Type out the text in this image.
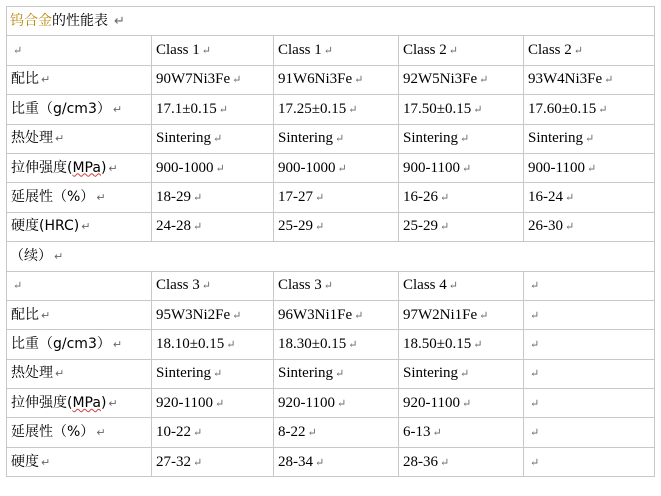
钨合金的性能表 ↵				
↵	Class 1 ↵	Class 1 ↵	Class 2 ↵	Class 2 ↵
配比 ↵	90W7Ni3Fe ↵	91W6Ni3Fe ↵	92W5Ni3Fe ↵	93W4Ni3Fe ↵
比重（g/cm3） ↵	17.1±0.15 ↵	17.25±0.15 ↵	17.50±0.15 ↵	17.60±0.15 ↵
热处理 ↵	Sintering ↵	Sintering ↵	Sintering ↵	Sintering ↵
拉伸强度(MPa) ↵	900-1000 ↵	900-1000 ↵	900-1100 ↵	900-1100 ↵
延展性（%） ↵	18-29 ↵	17-27 ↵	16-26 ↵	16-24 ↵
硬度(HRC) ↵	24-28 ↵	25-29 ↵	25-29 ↵	26-30 ↵
（续） ↵				
↵	Class 3 ↵	Class 3 ↵	Class 4 ↵	↵
配比 ↵	95W3Ni2Fe ↵	96W3Ni1Fe ↵	97W2Ni1Fe ↵	↵
比重（g/cm3） ↵	18.10±0.15 ↵	18.30±0.15 ↵	18.50±0.15 ↵	↵
热处理 ↵	Sintering ↵	Sintering ↵	Sintering ↵	↵
拉伸强度(MPa) ↵	920-1100 ↵	920-1100 ↵	920-1100 ↵	↵
延展性（%） ↵	10-22 ↵	8-22 ↵	6-13 ↵	↵
硬度 ↵	27-32 ↵	28-34 ↵	28-36 ↵	↵
